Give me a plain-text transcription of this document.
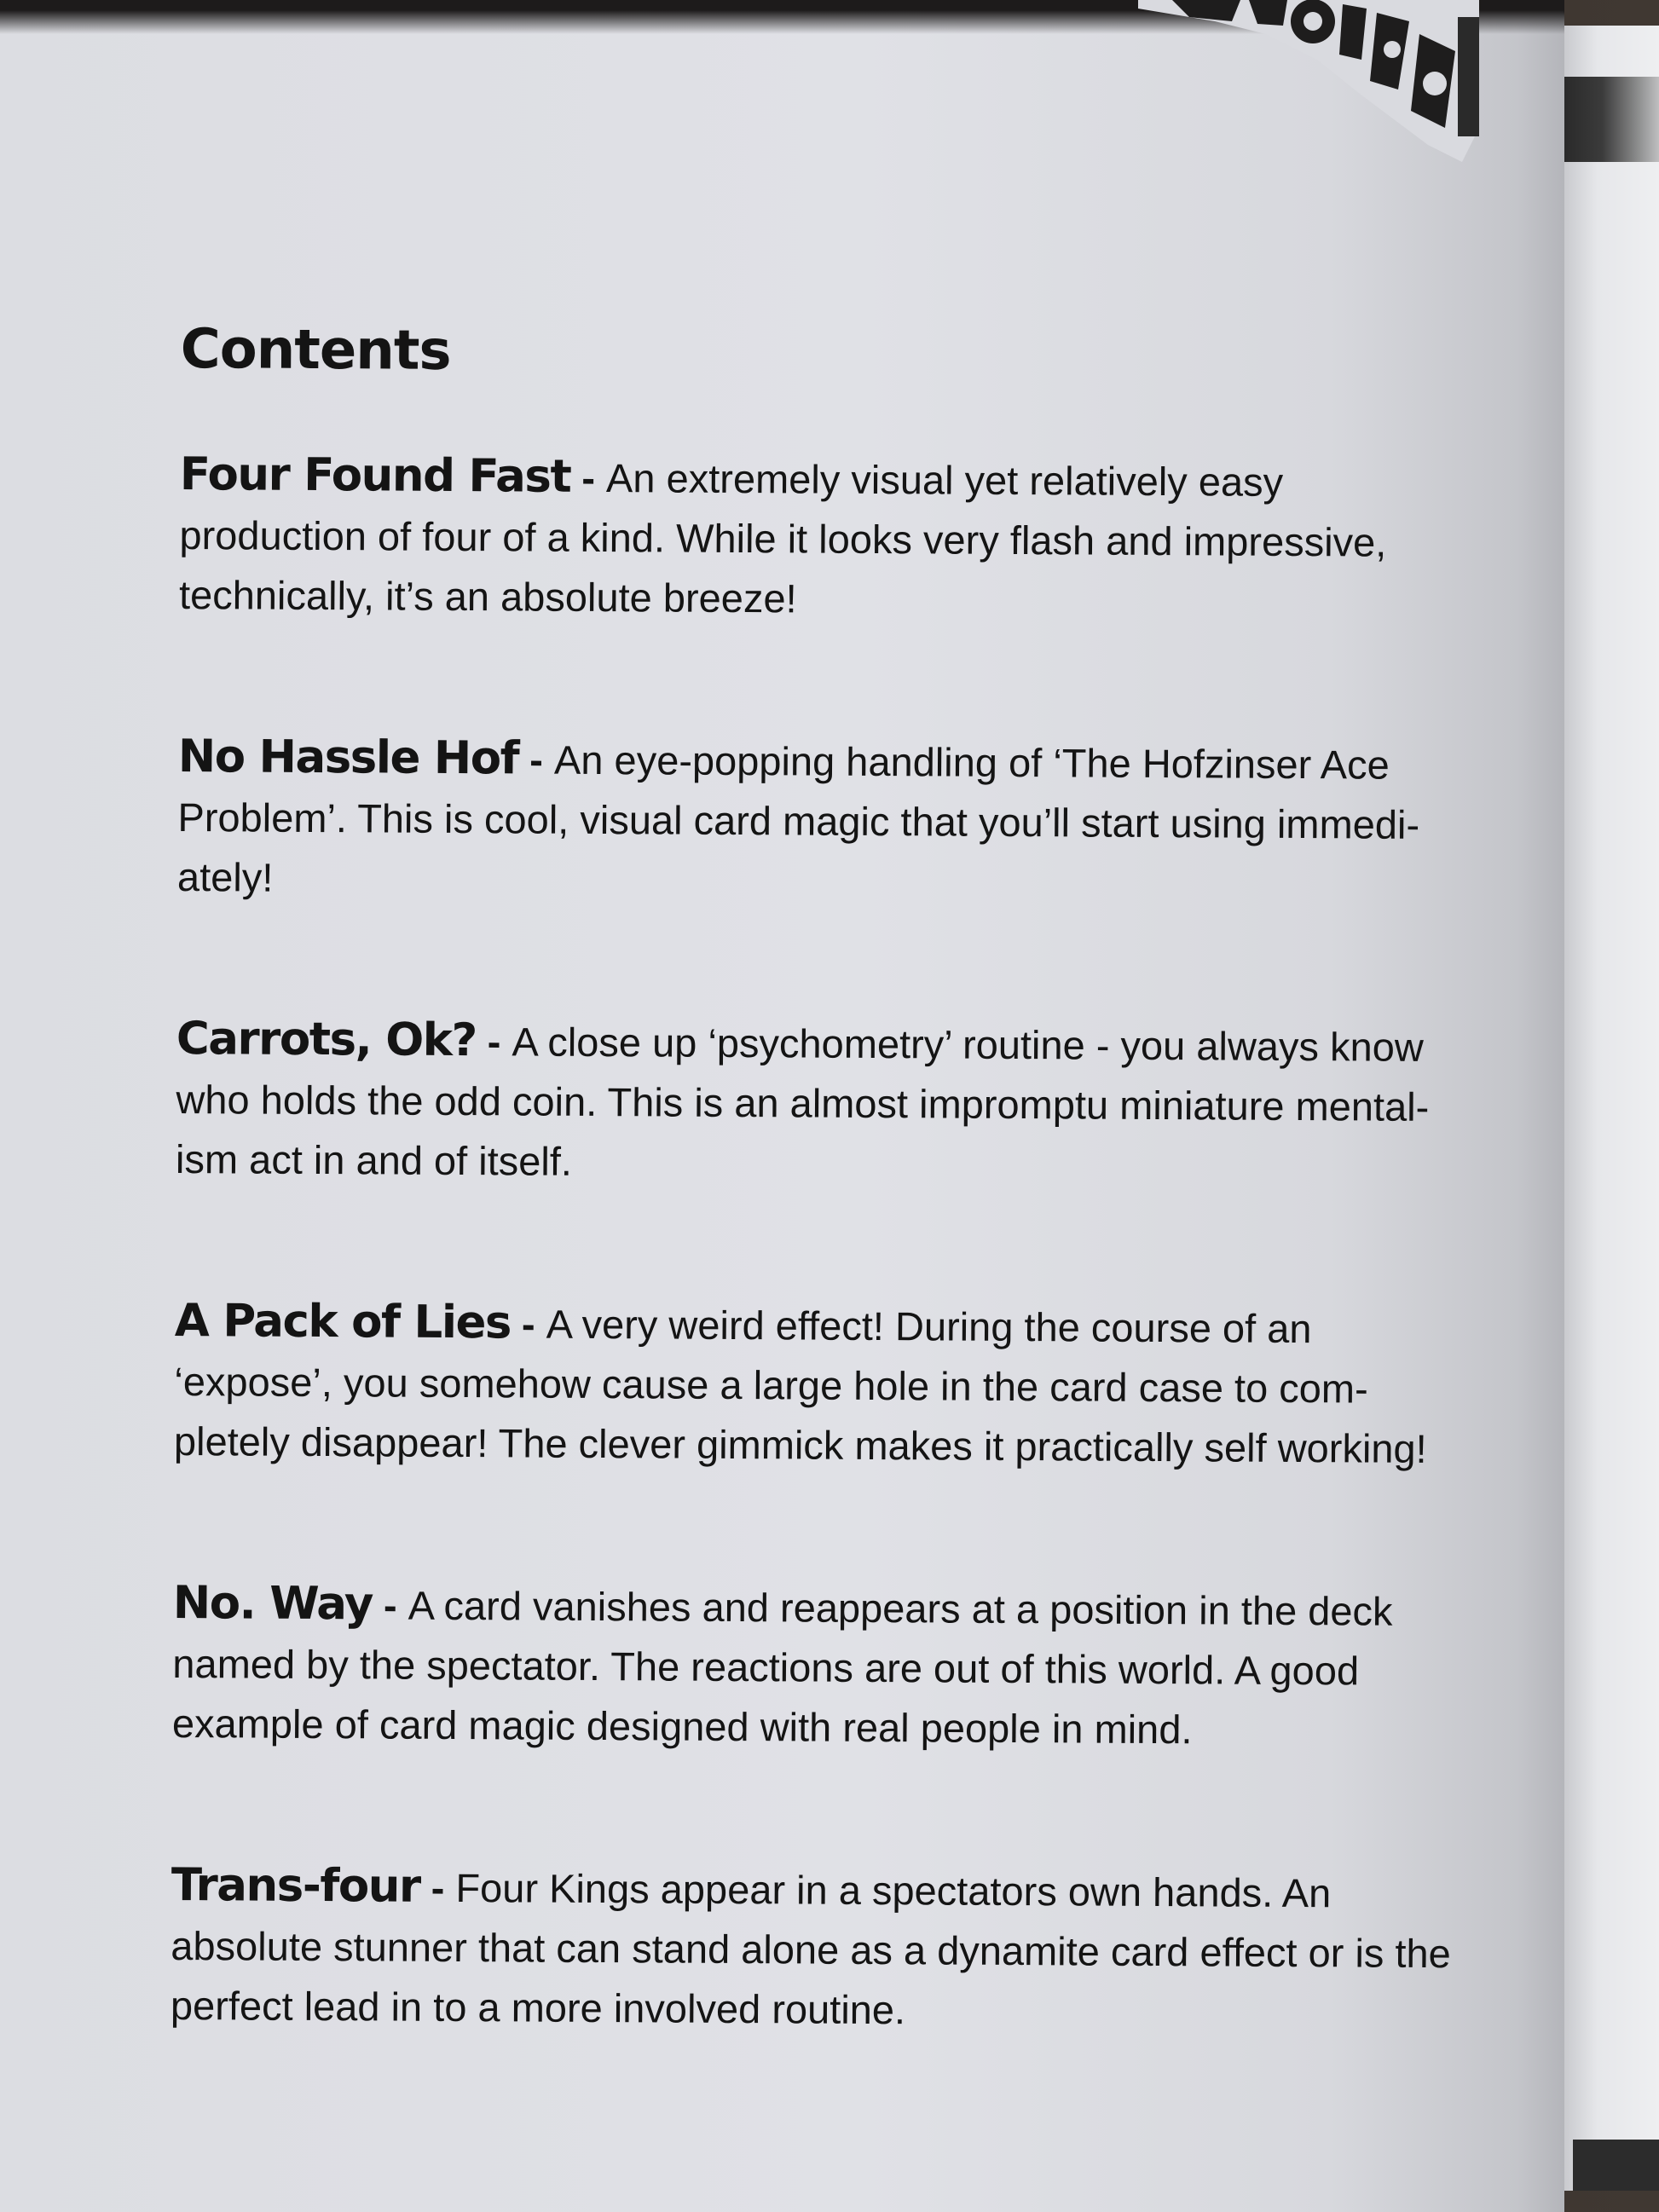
Contents

Four Found Fast - An extremely visual yet relatively easy production of four of a kind. While it looks very flash and impressive, technically, it’s an absolute breeze!

No Hassle Hof - An eye-popping handling of ‘The Hofzinser Ace Problem’. This is cool, visual card magic that you’ll start using immedi-ately!

Carrots, Ok? - A close up ‘psychometry’ routine - you always know who holds the odd coin. This is an almost impromptu miniature mental-ism act in and of itself.

A Pack of Lies - A very weird effect! During the course of an ‘expose’, you somehow cause a large hole in the card case to com-pletely disappear! The clever gimmick makes it practically self working!

No. Way - A card vanishes and reappears at a position in the deck named by the spectator. The reactions are out of this world. A good example of card magic designed with real people in mind.

Trans-four - Four Kings appear in a spectators own hands. An absolute stunner that can stand alone as a dynamite card effect or is the perfect lead in to a more involved routine.
